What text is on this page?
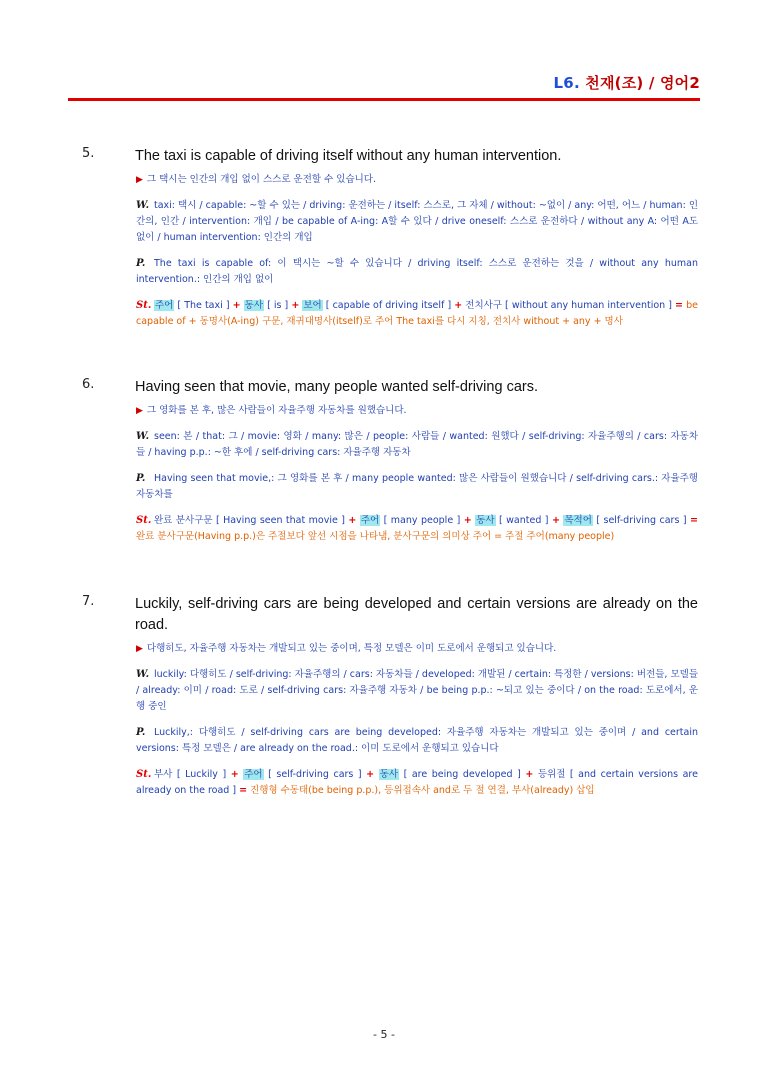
L6. 천재(조) / 영어2
5.	The taxi is capable of driving itself without any human intervention.
▶ 그 택시는 인간의 개입 없이 스스로 운전할 수 있습니다.
W. taxi: 택시 / capable: ~할 수 있는 / driving: 운전하는 / itself: 스스로, 그 자체 / without: ~없이 / any: 어떤, 어느 / human: 인간의, 인간 / intervention: 개입 / be capable of A-ing: A할 수 있다 / drive oneself: 스스로 운전하다 / without any A: 어떤 A도 없이 / human intervention: 인간의 개입
P. The taxi is capable of: 이 택시는 ~할 수 있습니다 / driving itself: 스스로 운전하는 것을 / without any human intervention.: 인간의 개입 없이
St. 주어 [ The taxi ] + 동사 [ is ] + 보어 [ capable of driving itself ] + 전치사구 [ without any human intervention ] = be capable of + 동명사(A-ing) 구문, 재귀대명사(itself)로 주어 The taxi를 다시 지칭, 전치사 without + any + 명사
6.	Having seen that movie, many people wanted self-driving cars.
▶ 그 영화를 본 후, 많은 사람들이 자율주행 자동차를 원했습니다.
W. seen: 본 / that: 그 / movie: 영화 / many: 많은 / people: 사람들 / wanted: 원했다 / self-driving: 자율주행의 / cars: 자동차들 / having p.p.: ~한 후에 / self-driving cars: 자율주행 자동차
P. Having seen that movie,: 그 영화를 본 후 / many people wanted: 많은 사람들이 원했습니다 / self-driving cars.: 자율주행 자동차를
St. 완료 분사구문 [ Having seen that movie ] + 주어 [ many people ] + 동사 [ wanted ] + 목적어 [ self-driving cars ] = 완료 분사구문(Having p.p.)은 주절보다 앞선 시점을 나타냄, 분사구문의 의미상 주어 = 주절 주어(many people)
7.	Luckily, self-driving cars are being developed and certain versions are already on the road.
▶ 다행히도, 자율주행 자동차는 개발되고 있는 중이며, 특정 모델은 이미 도로에서 운행되고 있습니다.
W. luckily: 다행히도 / self-driving: 자율주행의 / cars: 자동차들 / developed: 개발된 / certain: 특정한 / versions: 버전들, 모델들 / already: 이미 / road: 도로 / self-driving cars: 자율주행 자동차 / be being p.p.: ~되고 있는 중이다 / on the road: 도로에서, 운행 중인
P. Luckily,: 다행히도 / self-driving cars are being developed: 자율주행 자동차는 개발되고 있는 중이며 / and certain versions: 특정 모델은 / are already on the road.: 이미 도로에서 운행되고 있습니다
St. 부사 [ Luckily ] + 주어 [ self-driving cars ] + 동사 [ are being developed ] + 등위절 [ and certain versions are already on the road ] = 진행형 수동태(be being p.p.), 등위접속사 and로 두 절 연결, 부사(already) 삽입
- 5 -
